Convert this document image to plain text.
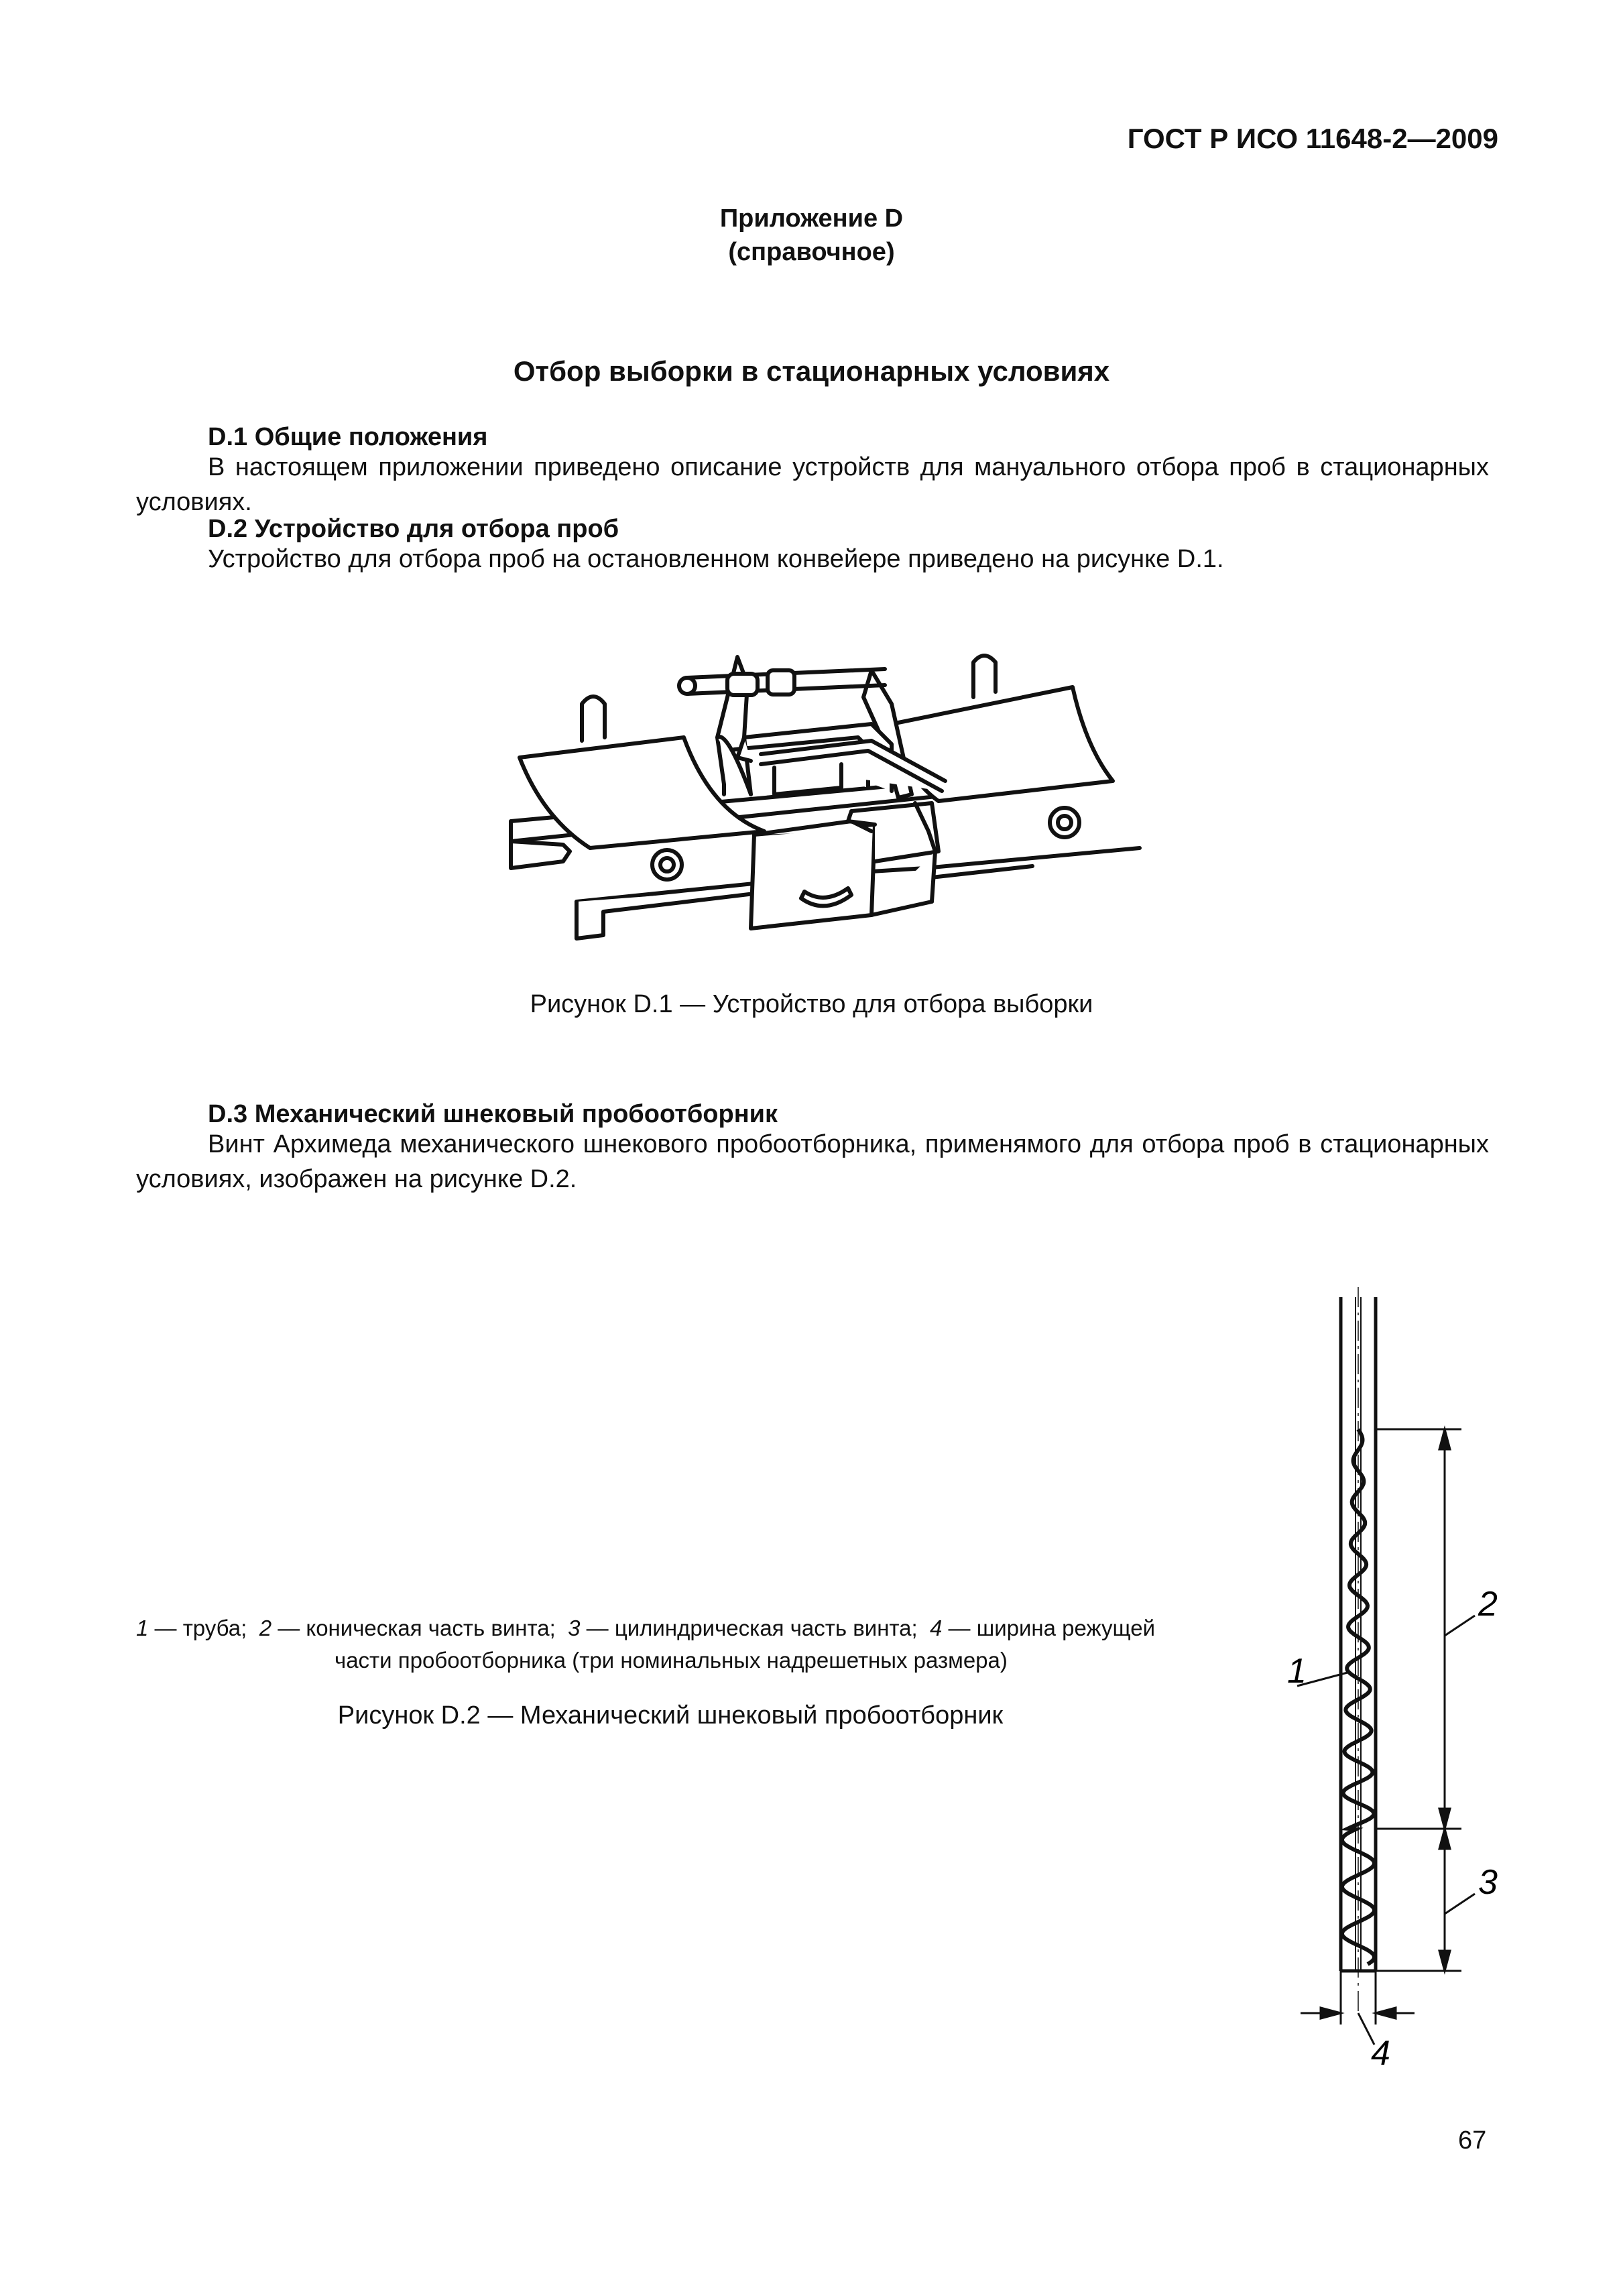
ГОСТ Р ИСО 11648-2—2009
Приложение D
(справочное)
Отбор выборки в стационарных условиях
D.1 Общие положения
В настоящем приложении приведено описание устройств для мануального отбора проб в стационарных условиях.
D.2 Устройство для отбора проб
Устройство для отбора проб на остановленном конвейере приведено на рисунке D.1.
Рисунок D.1 — Устройство для отбора выборки
D.3 Механический шнековый пробоотборник
Винт Архимеда механического шнекового пробоотборника, применямого для отбора проб в стационарных условиях, изображен на рисунке D.2.
1 — труба; 2 — коническая часть винта; 3 — цилиндрическая часть винта; 4 — ширина режущей
части пробоотборника (три номинальных надрешетных размера)
Рисунок D.2 — Механический шнековый пробоотборник
1
2
3
4
67
